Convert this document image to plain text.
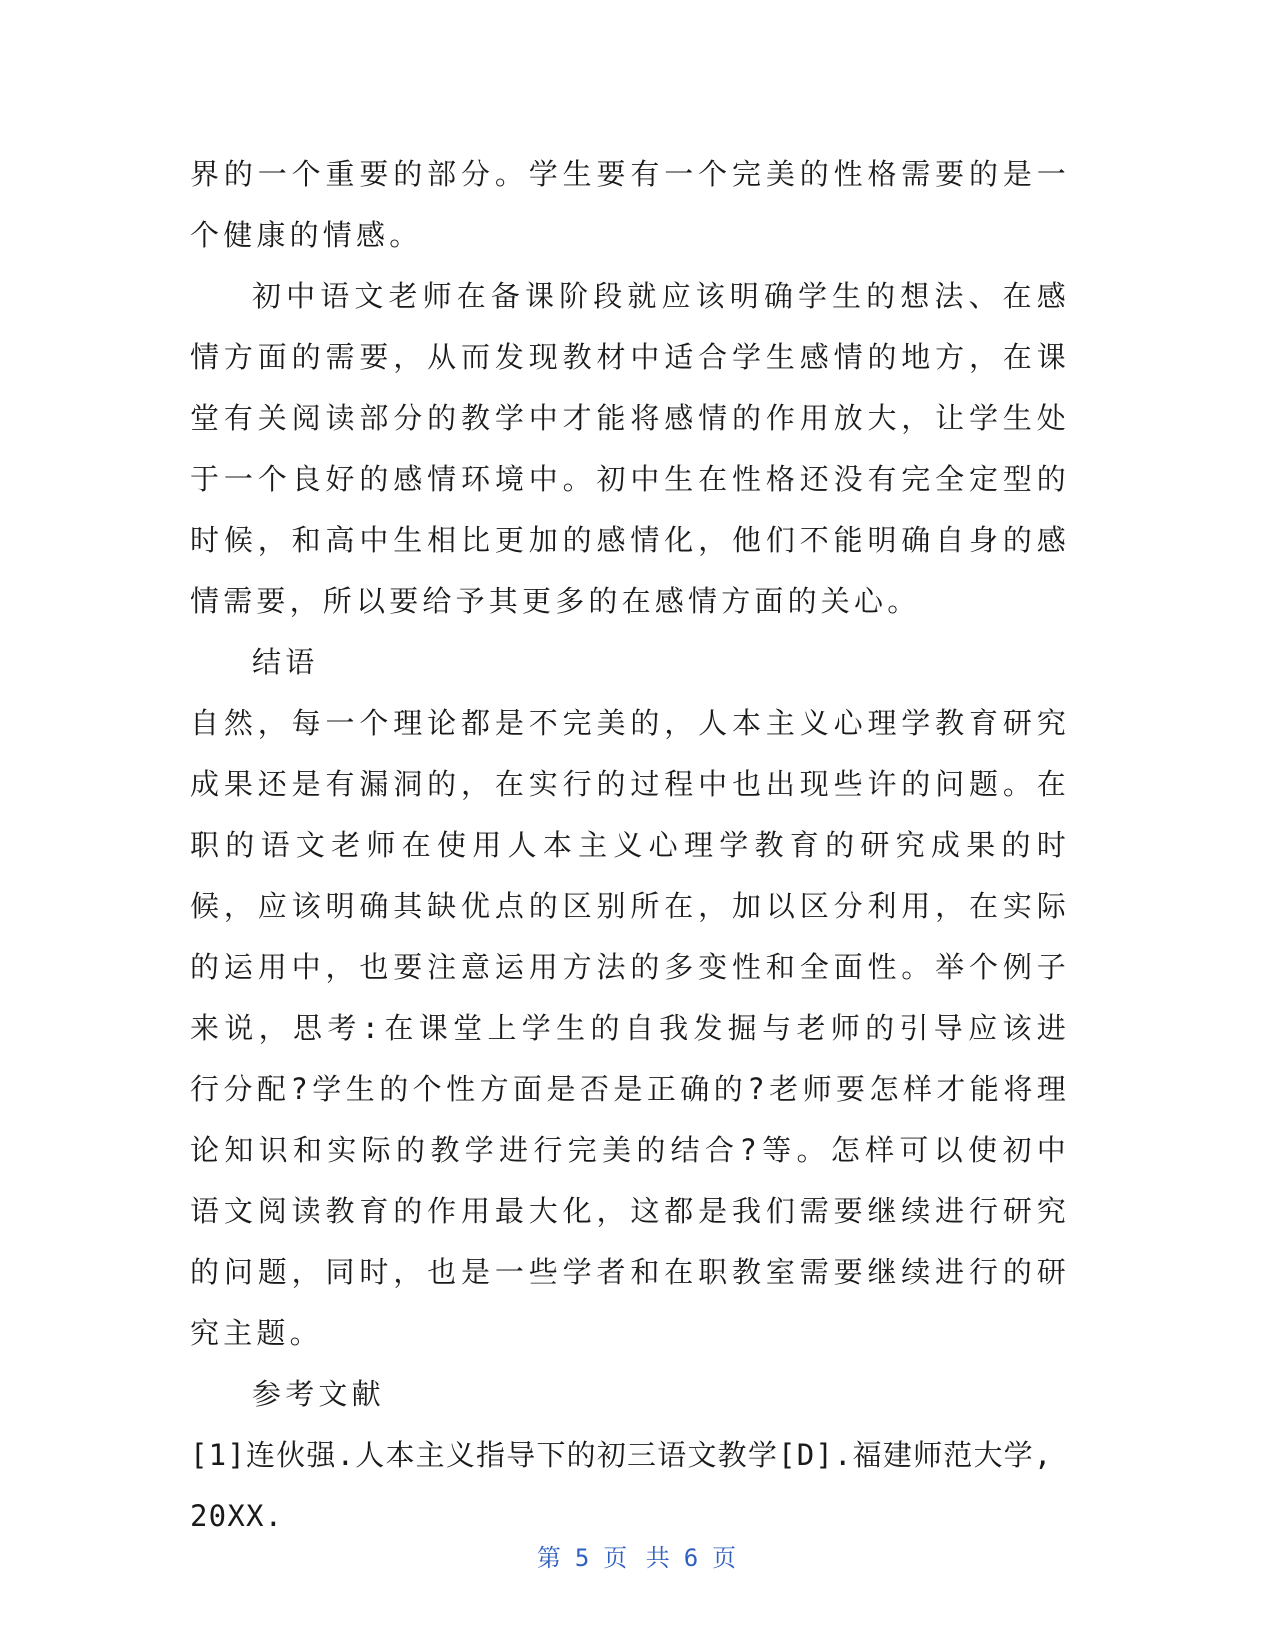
界的一个重要的部分。学生要有一个完美的性格需要的是一个健康的情感。

初中语文老师在备课阶段就应该明确学生的想法、在感情方面的需要，从而发现教材中适合学生感情的地方，在课堂有关阅读部分的教学中才能将感情的作用放大，让学生处于一个良好的感情环境中。初中生在性格还没有完全定型的时候，和高中生相比更加的感情化，他们不能明确自身的感情需要，所以要给予其更多的在感情方面的关心。

结语

自然，每一个理论都是不完美的，人本主义心理学教育研究成果还是有漏洞的，在实行的过程中也出现些许的问题。在职的语文老师在使用人本主义心理学教育的研究成果的时候，应该明确其缺优点的区别所在，加以区分利用，在实际的运用中，也要注意运用方法的多变性和全面性。举个例子来说，思考:在课堂上学生的自我发掘与老师的引导应该进行分配?学生的个性方面是否是正确的?老师要怎样才能将理论知识和实际的教学进行完美的结合?等。怎样可以使初中语文阅读教育的作用最大化，这都是我们需要继续进行研究的问题，同时，也是一些学者和在职教室需要继续进行的研究主题。

参考文献

[1]连伙强.人本主义指导下的初三语文教学[D].福建师范大学,20XX.

第 5 页 共 6 页
